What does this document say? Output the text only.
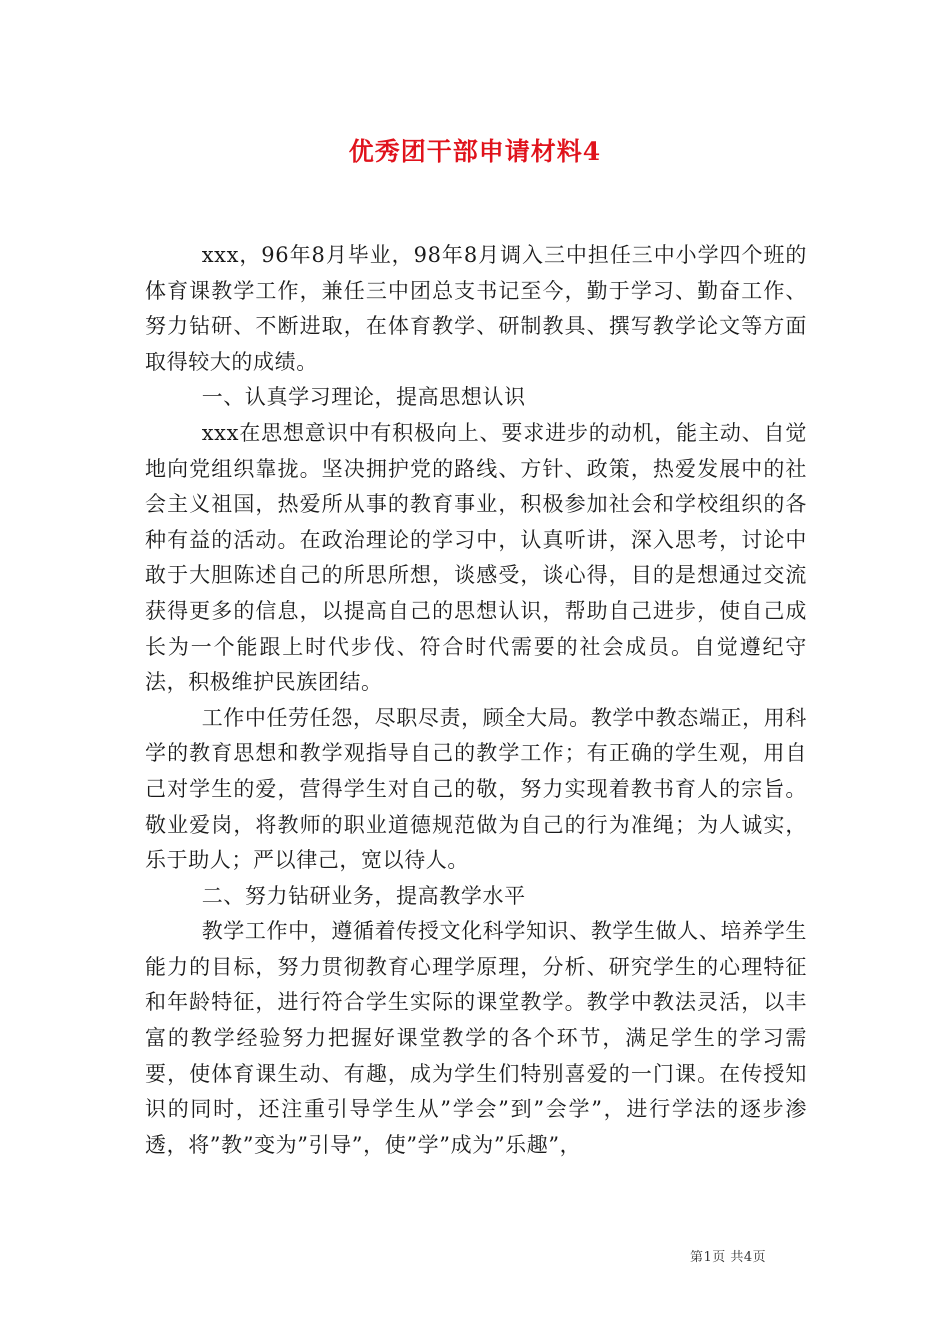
优秀团干部申请材料4

xxx，96年8月毕业，98年8月调入三中担任三中小学四个班的体育课教学工作，兼任三中团总支书记至今，勤于学习、勤奋工作、努力钻研、不断进取，在体育教学、研制教具、撰写教学论文等方面取得较大的成绩。

一、认真学习理论，提高思想认识

xxx在思想意识中有积极向上、要求进步的动机，能主动、自觉地向党组织靠拢。坚决拥护党的路线、方针、政策，热爱发展中的社会主义祖国，热爱所从事的教育事业，积极参加社会和学校组织的各种有益的活动。在政治理论的学习中，认真听讲，深入思考，讨论中敢于大胆陈述自己的所思所想，谈感受，谈心得，目的是想通过交流获得更多的信息，以提高自己的思想认识，帮助自己进步，使自己成长为一个能跟上时代步伐、符合时代需要的社会成员。自觉遵纪守法，积极维护民族团结。

工作中任劳任怨，尽职尽责，顾全大局。教学中教态端正，用科学的教育思想和教学观指导自己的教学工作；有正确的学生观，用自己对学生的爱，营得学生对自己的敬，努力实现着教书育人的宗旨。敬业爱岗，将教师的职业道德规范做为自己的行为准绳；为人诚实，乐于助人；严以律己，宽以待人。

二、努力钻研业务，提高教学水平

教学工作中，遵循着传授文化科学知识、教学生做人、培养学生能力的目标，努力贯彻教育心理学原理，分析、研究学生的心理特征和年龄特征，进行符合学生实际的课堂教学。教学中教法灵活，以丰富的教学经验努力把握好课堂教学的各个环节，满足学生的学习需要，使体育课生动、有趣，成为学生们特别喜爱的一门课。在传授知识的同时，还注重引导学生从”学会”到”会学”，进行学法的逐步渗透，将”教”变为”引导”，使”学”成为”乐趣”，

第1页 共4页
